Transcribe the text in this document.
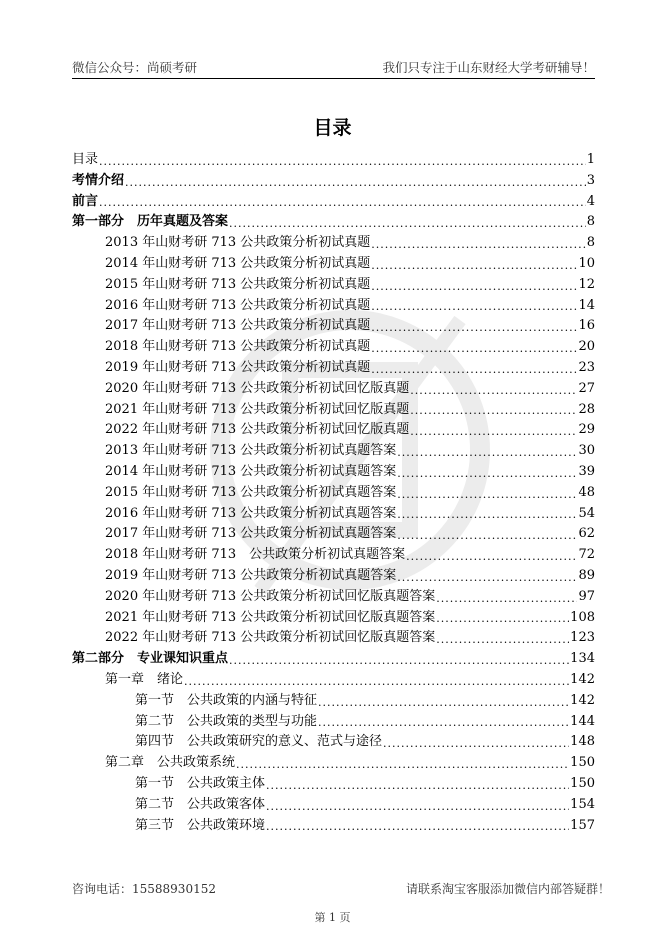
微信公众号：尚硕考研	我们只专注于山东财经大学考研辅导！
目录
目录 .....	1
考情介绍 .....	3
前言 .....	4
第一部分　历年真题及答案 .....	8
2013 年山财考研 713 公共政策分析初试真题 .....	8
2014 年山财考研 713 公共政策分析初试真题 .....	10
2015 年山财考研 713 公共政策分析初试真题 .....	12
2016 年山财考研 713 公共政策分析初试真题 .....	14
2017 年山财考研 713 公共政策分析初试真题 .....	16
2018 年山财考研 713 公共政策分析初试真题 .....	20
2019 年山财考研 713 公共政策分析初试真题 .....	23
2020 年山财考研 713 公共政策分析初试回忆版真题 .....	27
2021 年山财考研 713 公共政策分析初试回忆版真题 .....	28
2022 年山财考研 713 公共政策分析初试回忆版真题 .....	29
2013 年山财考研 713 公共政策分析初试真题答案 .....	30
2014 年山财考研 713 公共政策分析初试真题答案 .....	39
2015 年山财考研 713 公共政策分析初试真题答案 .....	48
2016 年山财考研 713 公共政策分析初试真题答案 .....	54
2017 年山财考研 713 公共政策分析初试真题答案 .....	62
2018 年山财考研 713　公共政策分析初试真题答案 .....	72
2019 年山财考研 713 公共政策分析初试真题答案 .....	89
2020 年山财考研 713 公共政策分析初试回忆版真题答案 .....	97
2021 年山财考研 713 公共政策分析初试回忆版真题答案 .....	108
2022 年山财考研 713 公共政策分析初试回忆版真题答案 .....	123
第二部分　专业课知识重点 .....	134
第一章　绪论 .....	142
第一节　公共政策的内涵与特征 .....	142
第二节　公共政策的类型与功能 .....	144
第四节　公共政策研究的意义、范式与途径 .....	148
第二章　公共政策系统 .....	150
第一节　公共政策主体 .....	150
第二节　公共政策客体 .....	154
第三节　公共政策环境 .....	157
咨询电话：15588930152	请联系淘宝客服添加微信内部答疑群！
第 1 页
